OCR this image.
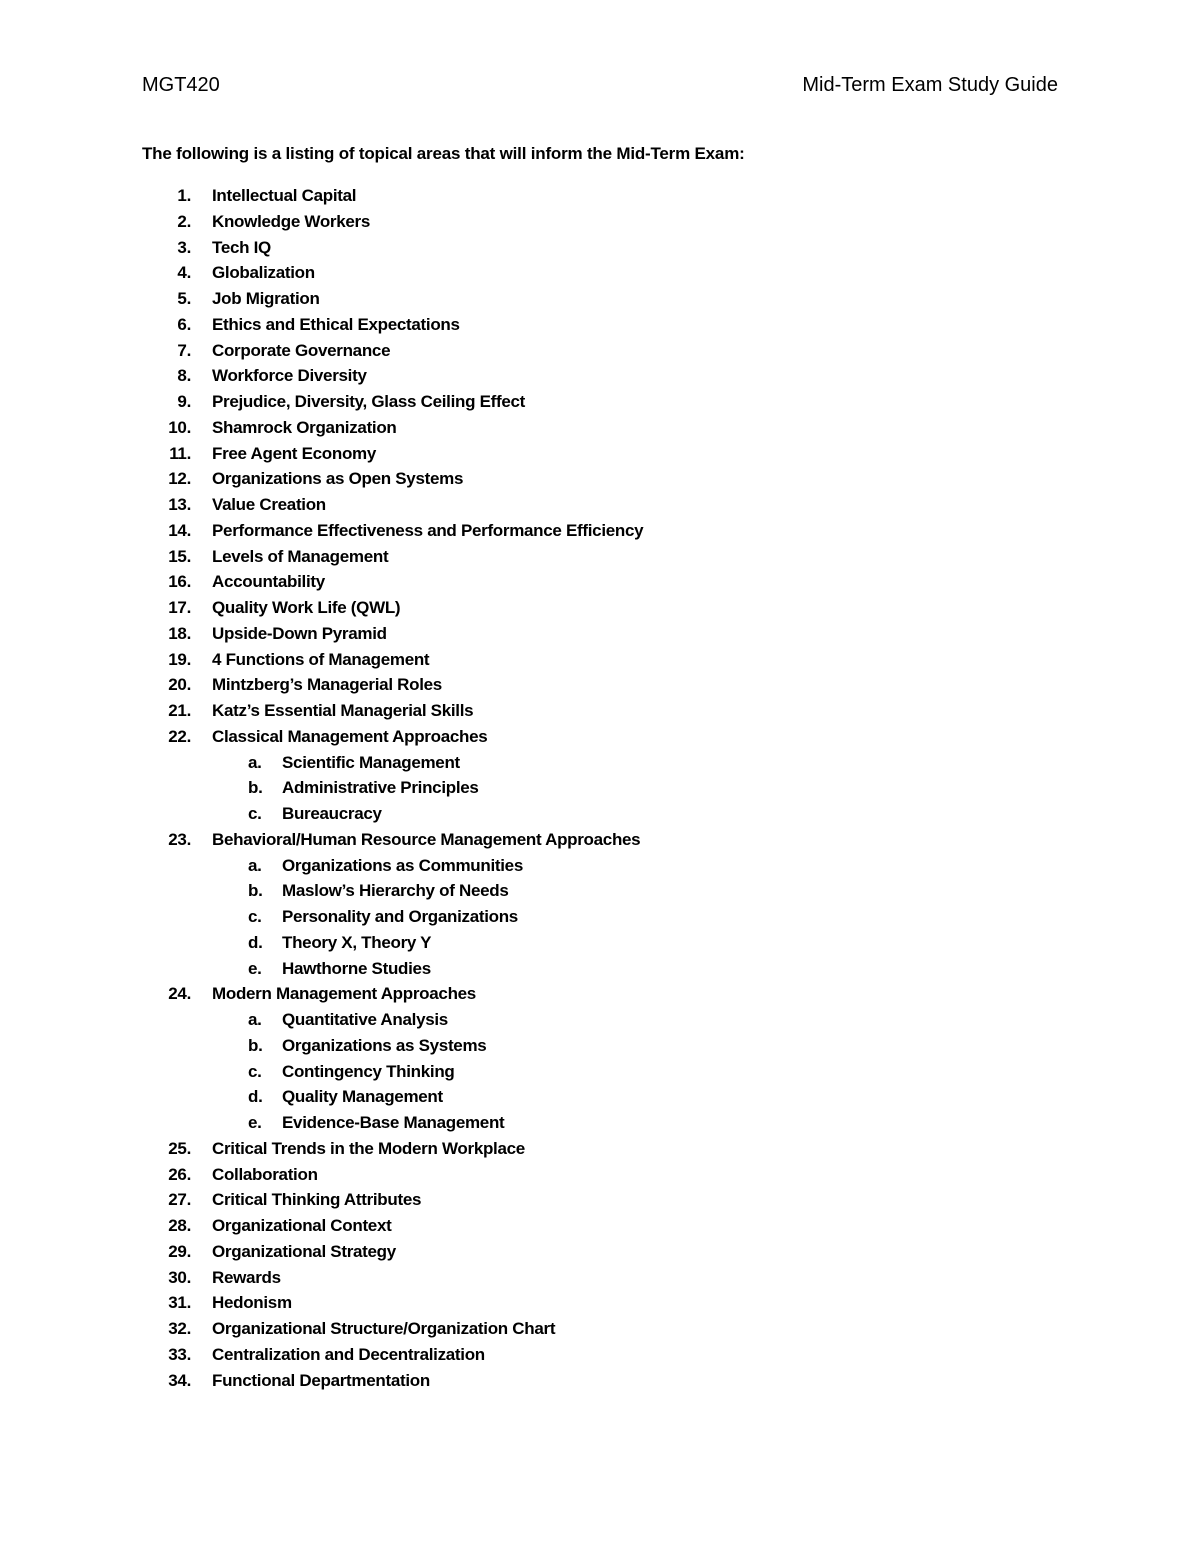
MGT420	Mid-Term Exam Study Guide
The following is a listing of topical areas that will inform the Mid-Term Exam:
1. Intellectual Capital
2. Knowledge Workers
3. Tech IQ
4. Globalization
5. Job Migration
6. Ethics and Ethical Expectations
7. Corporate Governance
8. Workforce Diversity
9. Prejudice, Diversity, Glass Ceiling Effect
10. Shamrock Organization
11. Free Agent Economy
12. Organizations as Open Systems
13. Value Creation
14. Performance Effectiveness and Performance Efficiency
15. Levels of Management
16. Accountability
17. Quality Work Life (QWL)
18. Upside-Down Pyramid
19. 4 Functions of Management
20. Mintzberg’s Managerial Roles
21. Katz’s Essential Managerial Skills
22. Classical Management Approaches
a. Scientific Management
b. Administrative Principles
c. Bureaucracy
23. Behavioral/Human Resource Management Approaches
a. Organizations as Communities
b. Maslow’s Hierarchy of Needs
c. Personality and Organizations
d. Theory X, Theory Y
e. Hawthorne Studies
24. Modern Management Approaches
a. Quantitative Analysis
b. Organizations as Systems
c. Contingency Thinking
d. Quality Management
e. Evidence-Base Management
25. Critical Trends in the Modern Workplace
26. Collaboration
27. Critical Thinking Attributes
28. Organizational Context
29. Organizational Strategy
30. Rewards
31. Hedonism
32. Organizational Structure/Organization Chart
33. Centralization and Decentralization
34. Functional Departmentation
